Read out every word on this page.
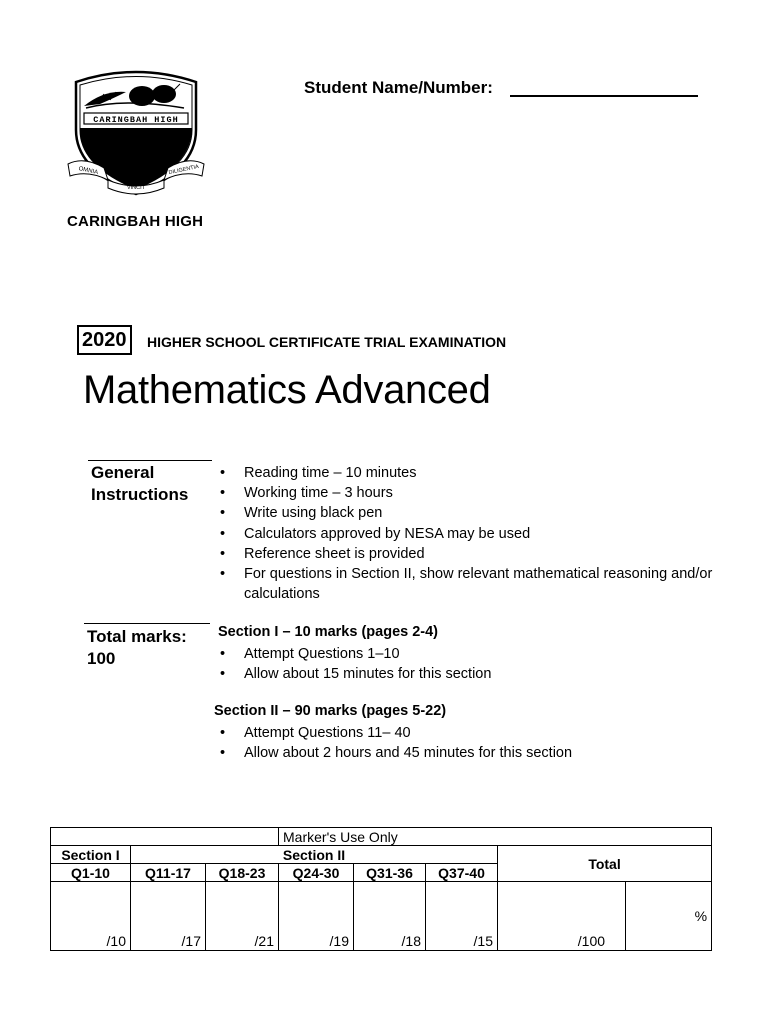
CARINGBAH HIGH
OMNIA	DILIGENTIA
VINCIT
CARINGBAH HIGH
Student Name/Number:
2020	HIGHER SCHOOL CERTIFICATE TRIAL EXAMINATION
Mathematics Advanced
General
Instructions
• Reading time – 10 minutes
• Working time – 3 hours
• Write using black pen
• Calculators approved by NESA may be used
• Reference sheet is provided
• For questions in Section II, show relevant mathematical reasoning and/or calculations
Total marks:
100
Section I – 10 marks (pages 2-4)
• Attempt Questions 1–10
• Allow about 15 minutes for this section
Section II – 90 marks (pages 5-22)
• Attempt Questions 11– 40
• Allow about 2 hours and 45 minutes for this section
			Marker's Use Only				
Section I	Section II					Total	
Q1-10	Q11-17	Q18-23	Q24-30	Q31-36	Q37-40		
/10	/17	/21	/19	/18	/15	/100	%
